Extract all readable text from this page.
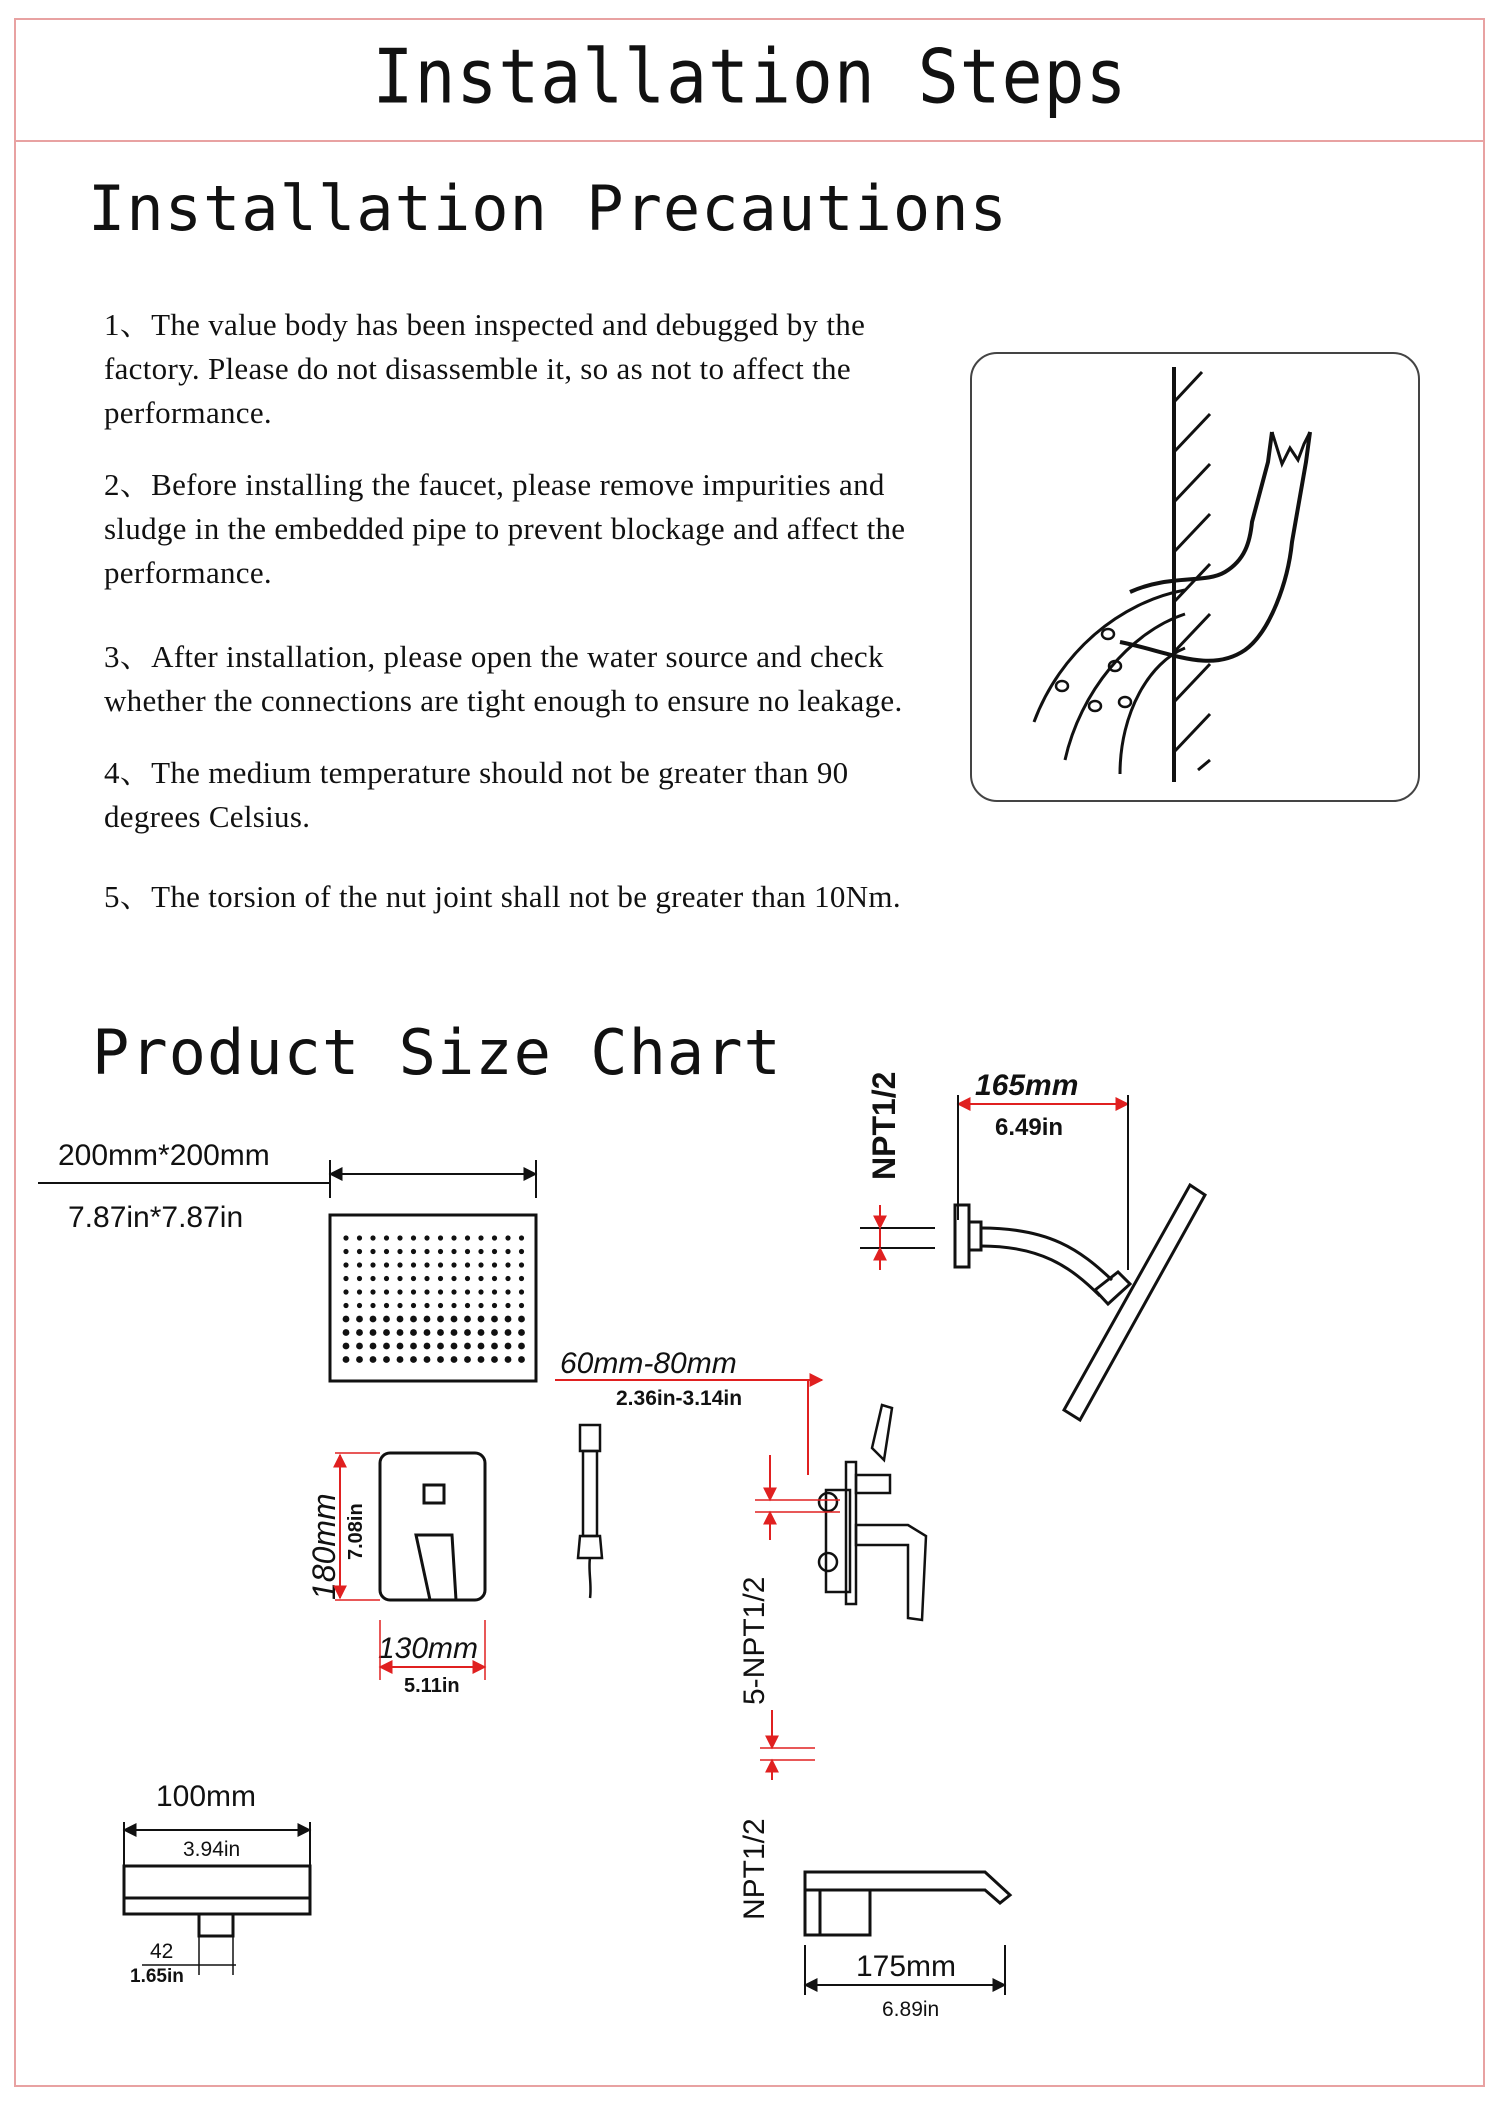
Installation Steps
Installation Precautions

1、The value body has been inspected and debugged by the factory. Please do not disassemble it, so as not to affect the performance.

2、Before installing the faucet, please remove impurities and sludge in the embedded pipe to prevent blockage and affect the performance.

3、After installation, please open the water source and check whether the connections are tight enough to ensure no leakage.

4、The medium temperature should not be greater than 90 degrees Celsius.

5、The torsion of the nut joint shall not be greater than 10Nm.

Product Size Chart
200mm*200mm
7.87in*7.87in
NPT1/2 165mm
6.49in
60mm-80mm
2.36in-3.14in
180mm 7.08in
130mm
5.11in	5-NPT1/2
100mm
3.94in
42
1.65in
NPT1/2
175mm
6.89in
